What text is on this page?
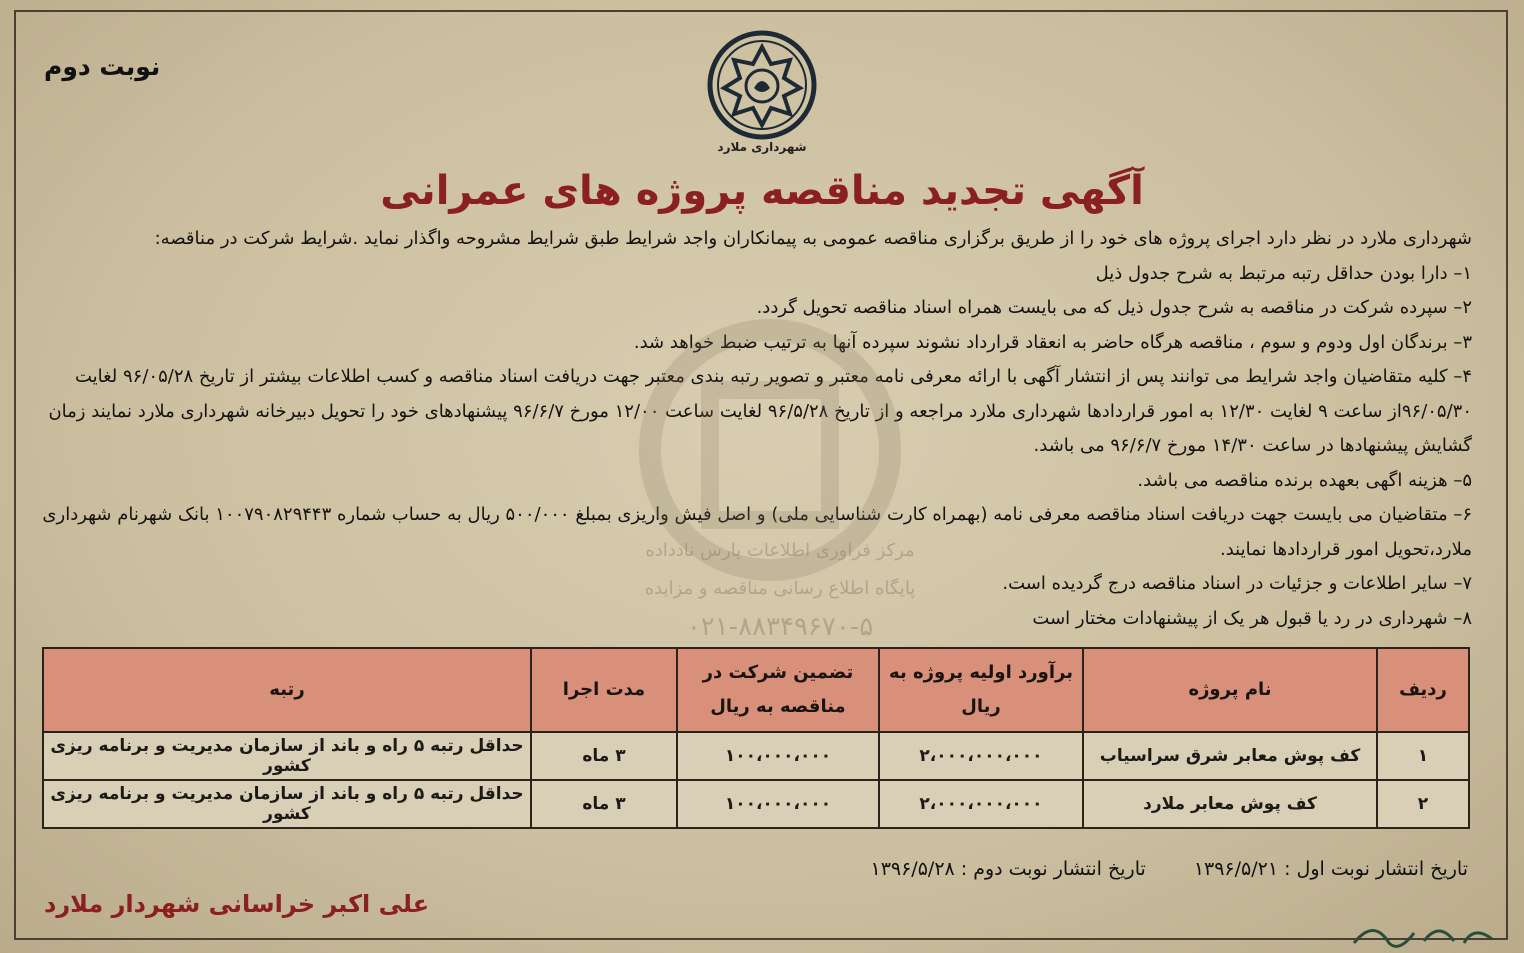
نوبت دوم
شهرداری ملارد
آگهی تجدید مناقصه پروژه های عمرانی

شهرداری ملارد در نظر دارد اجرای پروژه های خود را از طریق برگزاری مناقصه عمومی به پیمانکاران واجد شرایط طبق شرایط مشروحه واگذار نماید .شرایط شرکت در مناقصه:

۱– دارا بودن حداقل رتبه مرتبط به شرح جدول ذیل

۲– سپرده شرکت در مناقصه به شرح جدول ذیل که می بایست همراه اسناد مناقصه تحویل گردد.

۳– برندگان اول ودوم و سوم ، مناقصه هرگاه حاضر به انعقاد قرارداد نشوند سپرده آنها به ترتیب ضبط خواهد شد.

۴– کلیه متقاضیان واجد شرایط می توانند پس از انتشار آگهی با ارائه معرفی نامه معتبر و تصویر رتبه بندی معتبر جهت دریافت اسناد مناقصه و کسب اطلاعات بیشتر از تاریخ ۹۶/۰۵/۲۸ لغایت ۹۶/۰۵/۳۰از ساعت ۹ لغایت ۱۲/۳۰ به امور قراردادها شهرداری ملارد مراجعه و از تاریخ ۹۶/۵/۲۸ لغایت ساعت ۱۲/۰۰ مورخ ۹۶/۶/۷ پیشنهادهای خود را تحویل دبیرخانه شهرداری ملارد نمایند زمان گشایش پیشنهادها در ساعت ۱۴/۳۰ مورخ ۹۶/۶/۷ می باشد.

۵– هزینه اگهی بعهده برنده مناقصه می باشد.

۶– متقاضیان می بایست جهت دریافت اسناد مناقصه معرفی نامه (بهمراه کارت شناسایی ملی) و اصل فیش واریزی بمبلغ ۵۰۰/۰۰۰ ریال به حساب شماره ۱۰۰۷۹۰۸۲۹۴۴۳ بانک شهرنام شهرداری ملارد،تحویل امور قراردادها نمایند.

۷– سایر اطلاعات و جزئیات در اسناد مناقصه درج گردیده است.

۸– شهرداری در رد یا قبول هر یک از پیشنهادات مختار است

مرکز فراوری اطلاعات پارس نادداده
پایگاه اطلاع رسانی مناقصه و مزایده
۰۲۱-۸۸۳۴۹۶۷۰-۵
ردیف	نام پروژه	برآورد اولیه پروژه به ریال	تضمین شرکت در مناقصه به ریال	مدت اجرا	رتبه
۱	کف پوش معابر شرق سراسیاب	۲،۰۰۰،۰۰۰،۰۰۰	۱۰۰،۰۰۰،۰۰۰	۳ ماه	حداقل رتبه ۵ راه و باند از سازمان مدیریت و برنامه ریزی کشور
۲	کف پوش معابر ملارد	۲،۰۰۰،۰۰۰،۰۰۰	۱۰۰،۰۰۰،۰۰۰	۳ ماه	حداقل رتبه ۵ راه و باند از سازمان مدیریت و برنامه ریزی کشور
تاریخ انتشار نوبت اول : ۱۳۹۶/۵/۲۱
تاریخ انتشار نوبت دوم : ۱۳۹۶/۵/۲۸
علی اکبر خراسانی شهردار ملارد
